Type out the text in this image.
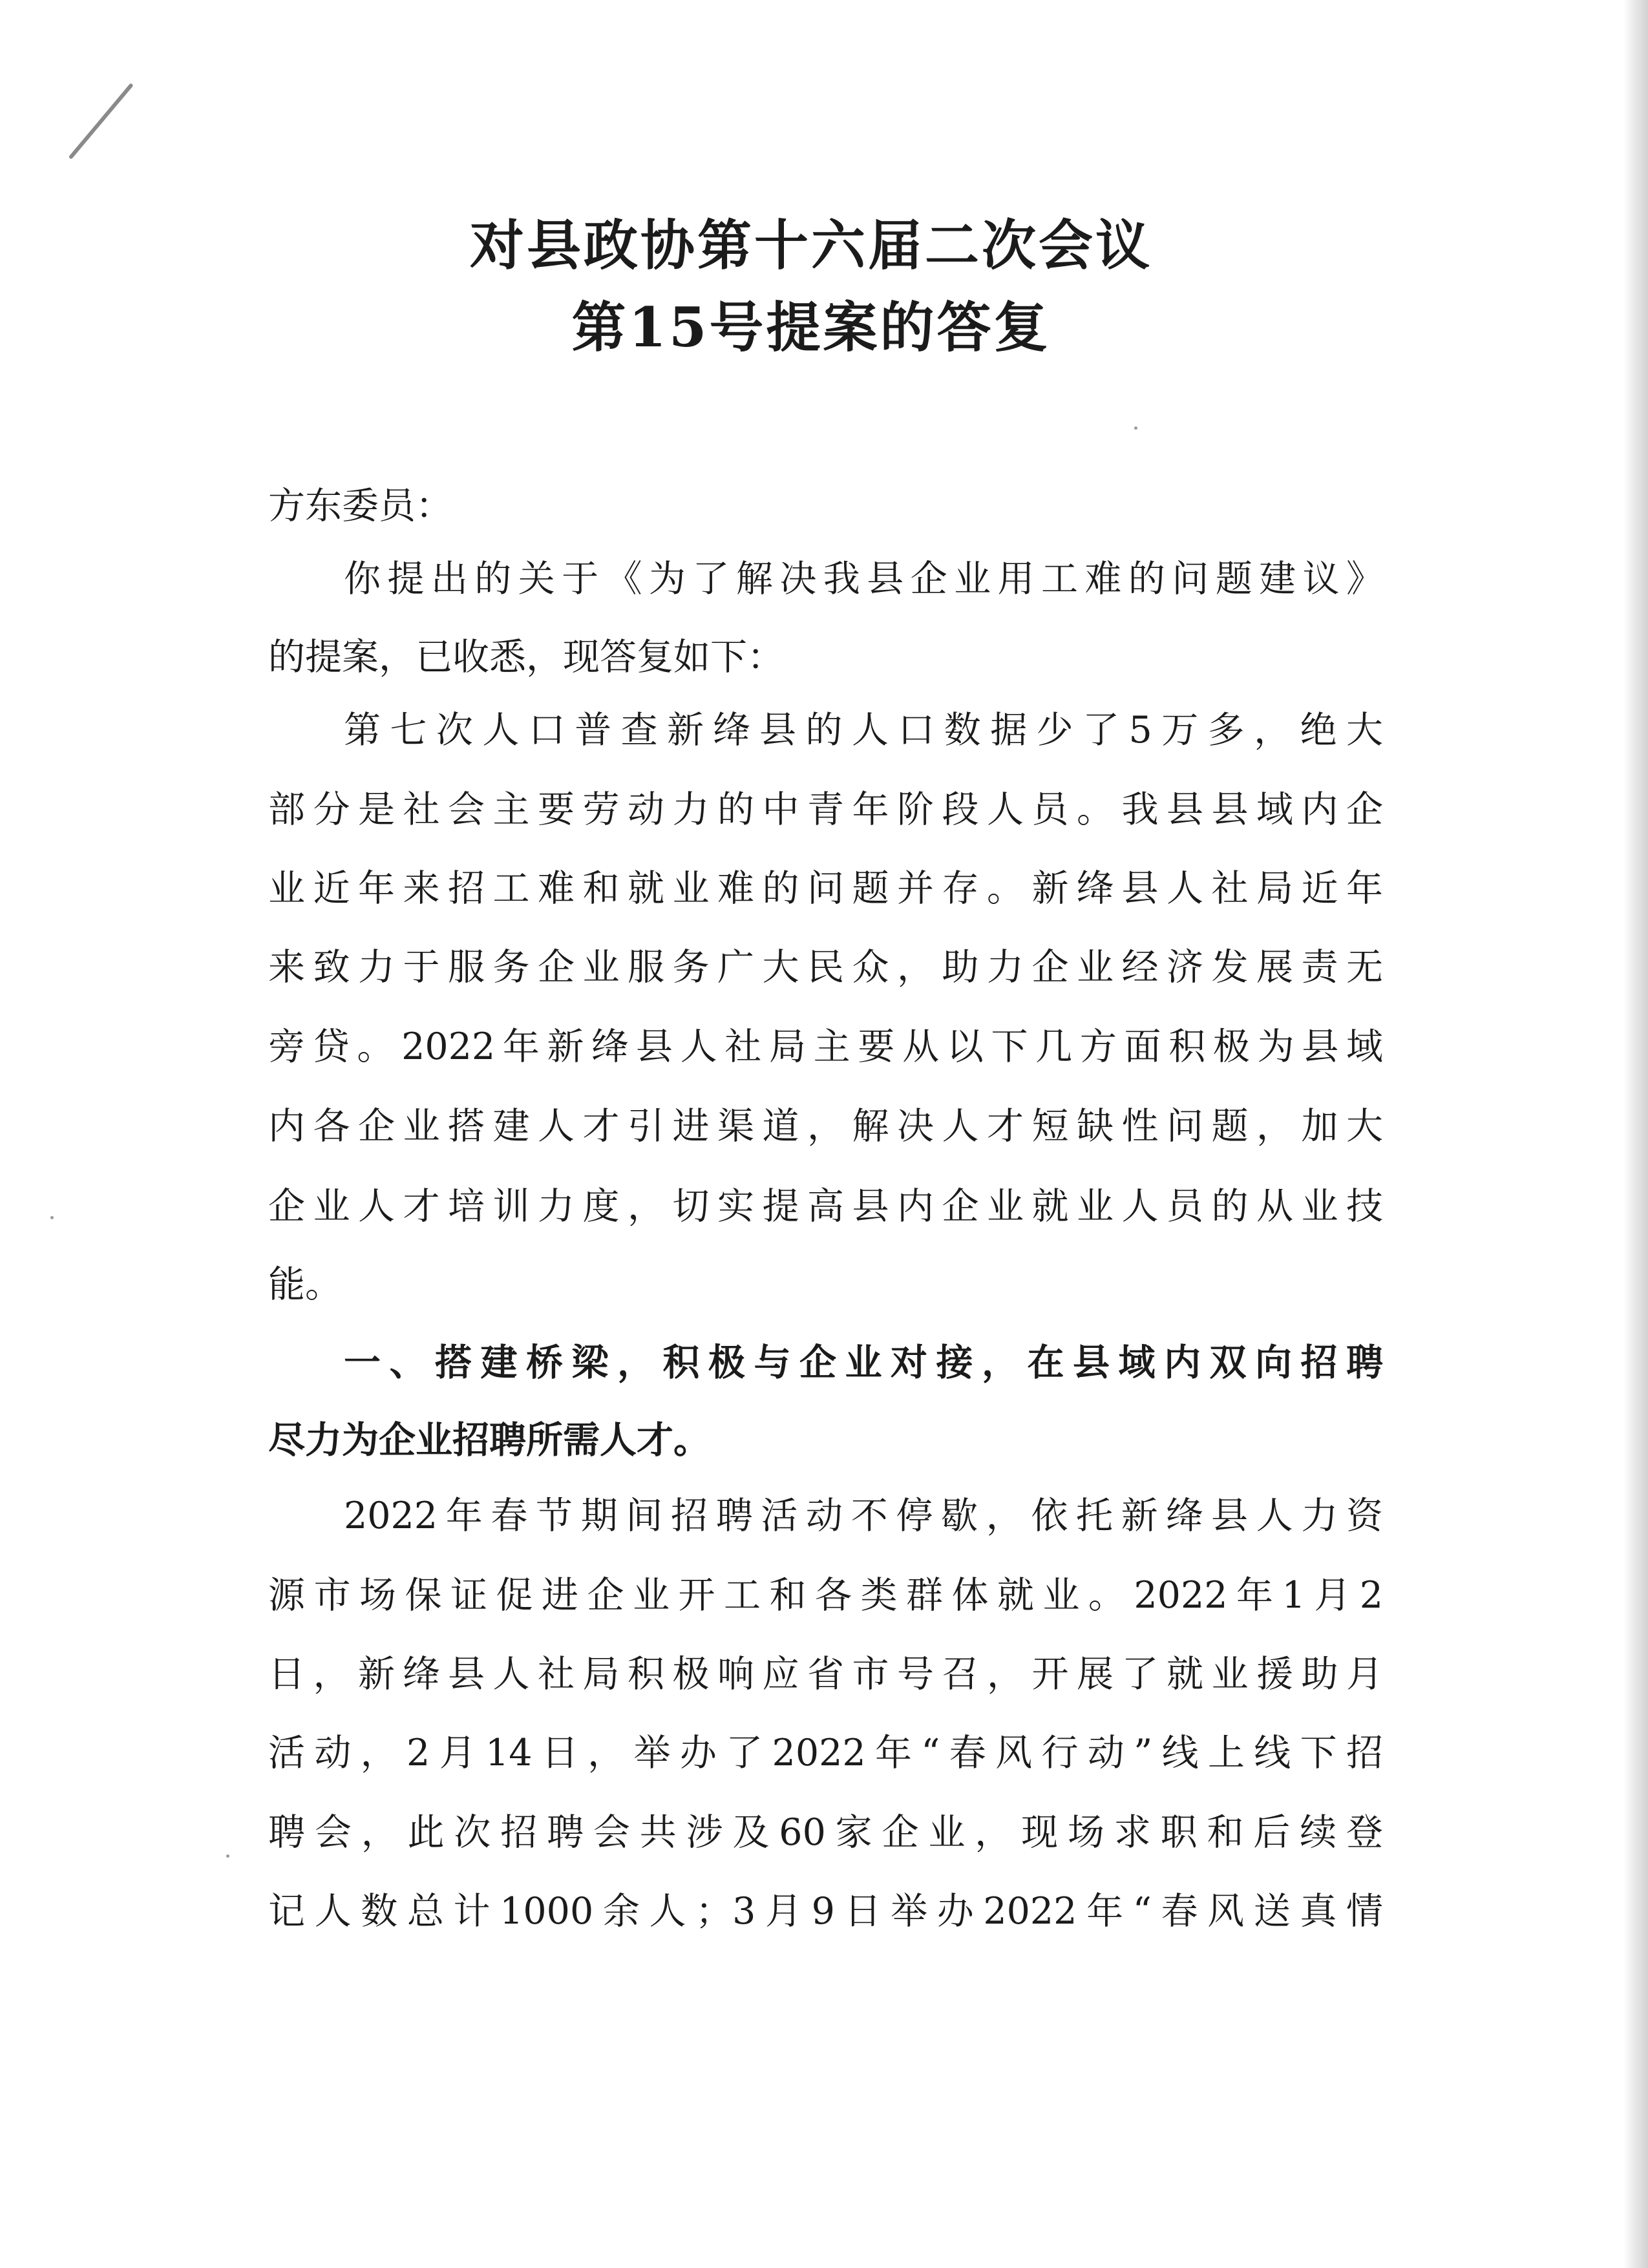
对县政协第十六届二次会议
第15号提案的答复

方东委员：

你提出的关于《为了解决我县企业用工难的问题建议》

的提案，已收悉，现答复如下：

第七次人口普查新绛县的人口数据少了5万多，绝大

部分是社会主要劳动力的中青年阶段人员。我县县域内企

业近年来招工难和就业难的问题并存。新绛县人社局近年

来致力于服务企业服务广大民众，助力企业经济发展责无

旁贷。2022年新绛县人社局主要从以下几方面积极为县域

内各企业搭建人才引进渠道，解决人才短缺性问题，加大

企业人才培训力度，切实提高县内企业就业人员的从业技

能。

一、搭建桥梁，积极与企业对接，在县域内双向招聘

尽力为企业招聘所需人才。

2022年春节期间招聘活动不停歇，依托新绛县人力资

源市场保证促进企业开工和各类群体就业。2022年1月2

日，新绛县人社局积极响应省市号召，开展了就业援助月

活动，2月14日，举办了2022年“春风行动”线上线下招

聘会，此次招聘会共涉及60家企业，现场求职和后续登

记人数总计1000余人；3月9日举办2022年“春风送真情
